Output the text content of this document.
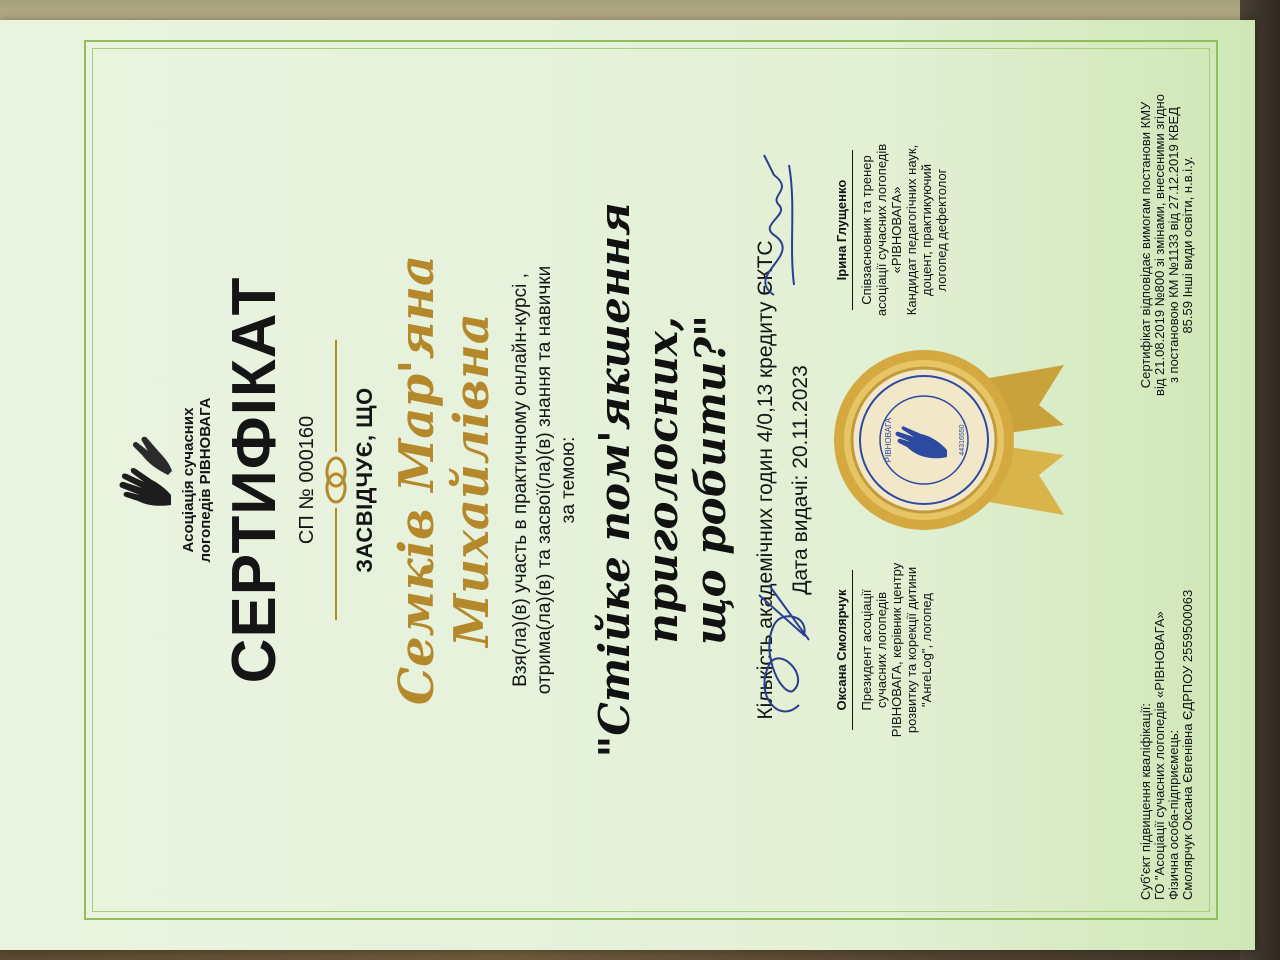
Асоціація сучасних логопедів РІВНОВАГА СЕРТИФІКАТ СП № 000160 ЗАСВІДЧУЄ, ЩО Семків Мар'яна Михайлівна Взя(ла)(в) участь в практичному онлайн-курсі , отрима(ла)(в) та засвої(ла)(в) знання та навички за темою: "Стійке пом'якшення приголосних, що робити?" Кількість академічних годин 4/0,13 кредиту ЄКТС Дата видачі: 20.11.2023
Оксана Смолярчук Президент асоціації сучасних логопедів РІВНОВАГА, керівник центру розвитку та корекції дитини "АнгеLog", логопед
РІВНОВАГА	44316550
Ірина Глущенко Співзасновник та тренер асоціації сучасних логопедів «РІВНОВАГА» Кандидат педагогічних наук, доцент, практикуючий логопед дефектолог
Суб'єкт підвищення кваліфікації: ГО "Асоціації сучасних логопедів «РІВНОВАГА» Фізична особа-підприємець: Смолярчук Оксана Євгенівна ЄДРПОУ 2559500063
Сертифікат відповідає вимогам постанови КМУ від 21.08.2019 №800 зі змінами, внесеними згідно з постановою КМ №1133 від 27.12.2019 КВЕД 85.59 Інші види освіти, н.в.і.у.
